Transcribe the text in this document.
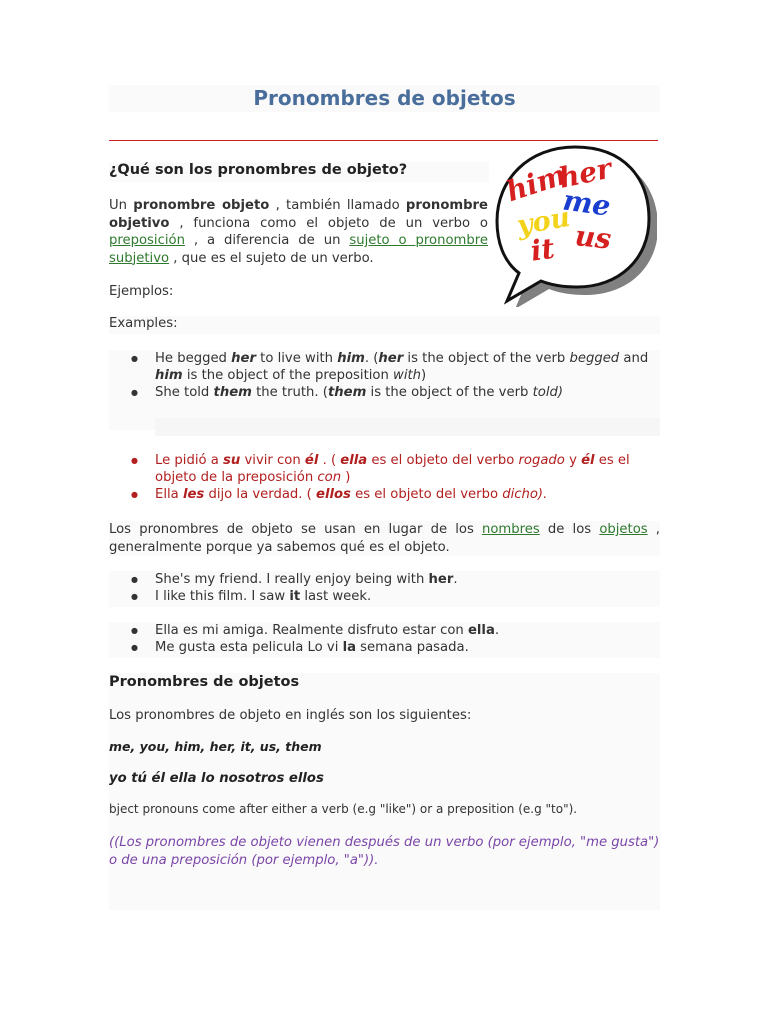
Pronombres de objetos
¿Qué son los pronombres de objeto?
Un pronombre objeto , también llamado pronombre objetivo , funciona como el objeto de un verbo o preposición , a diferencia de un sujeto o pronombre subjetivo , que es el sujeto de un verbo.
him
her
me
you
it us

Ejemplos:

Examples:

● He begged her to live with him. (her is the object of the verb begged and him is the object of the preposition with)
● She told them the truth. (them is the object of the verb told)
● Le pidió a su vivir con él . ( ella es el objeto del verbo rogado y él es el objeto de la preposición con )
● Ella les dijo la verdad. ( ellos es el objeto del verbo dicho).
Los pronombres de objeto se usan en lugar de los nombres de los objetos , generalmente porque ya sabemos qué es el objeto.
● She's my friend. I really enjoy being with her.
● I like this film. I saw it last week.
● Ella es mi amiga. Realmente disfruto estar con ella.
● Me gusta esta pelicula Lo vi la semana pasada.

Pronombres de objetos

Los pronombres de objeto en inglés son los siguientes:

me, you, him, her, it, us, them

yo tú él ella lo nosotros ellos

bject pronouns come after either a verb (e.g "like") or a preposition (e.g "to").

((Los pronombres de objeto vienen después de un verbo (por ejemplo, "me gusta") o de una preposición (por ejemplo, "a")).
